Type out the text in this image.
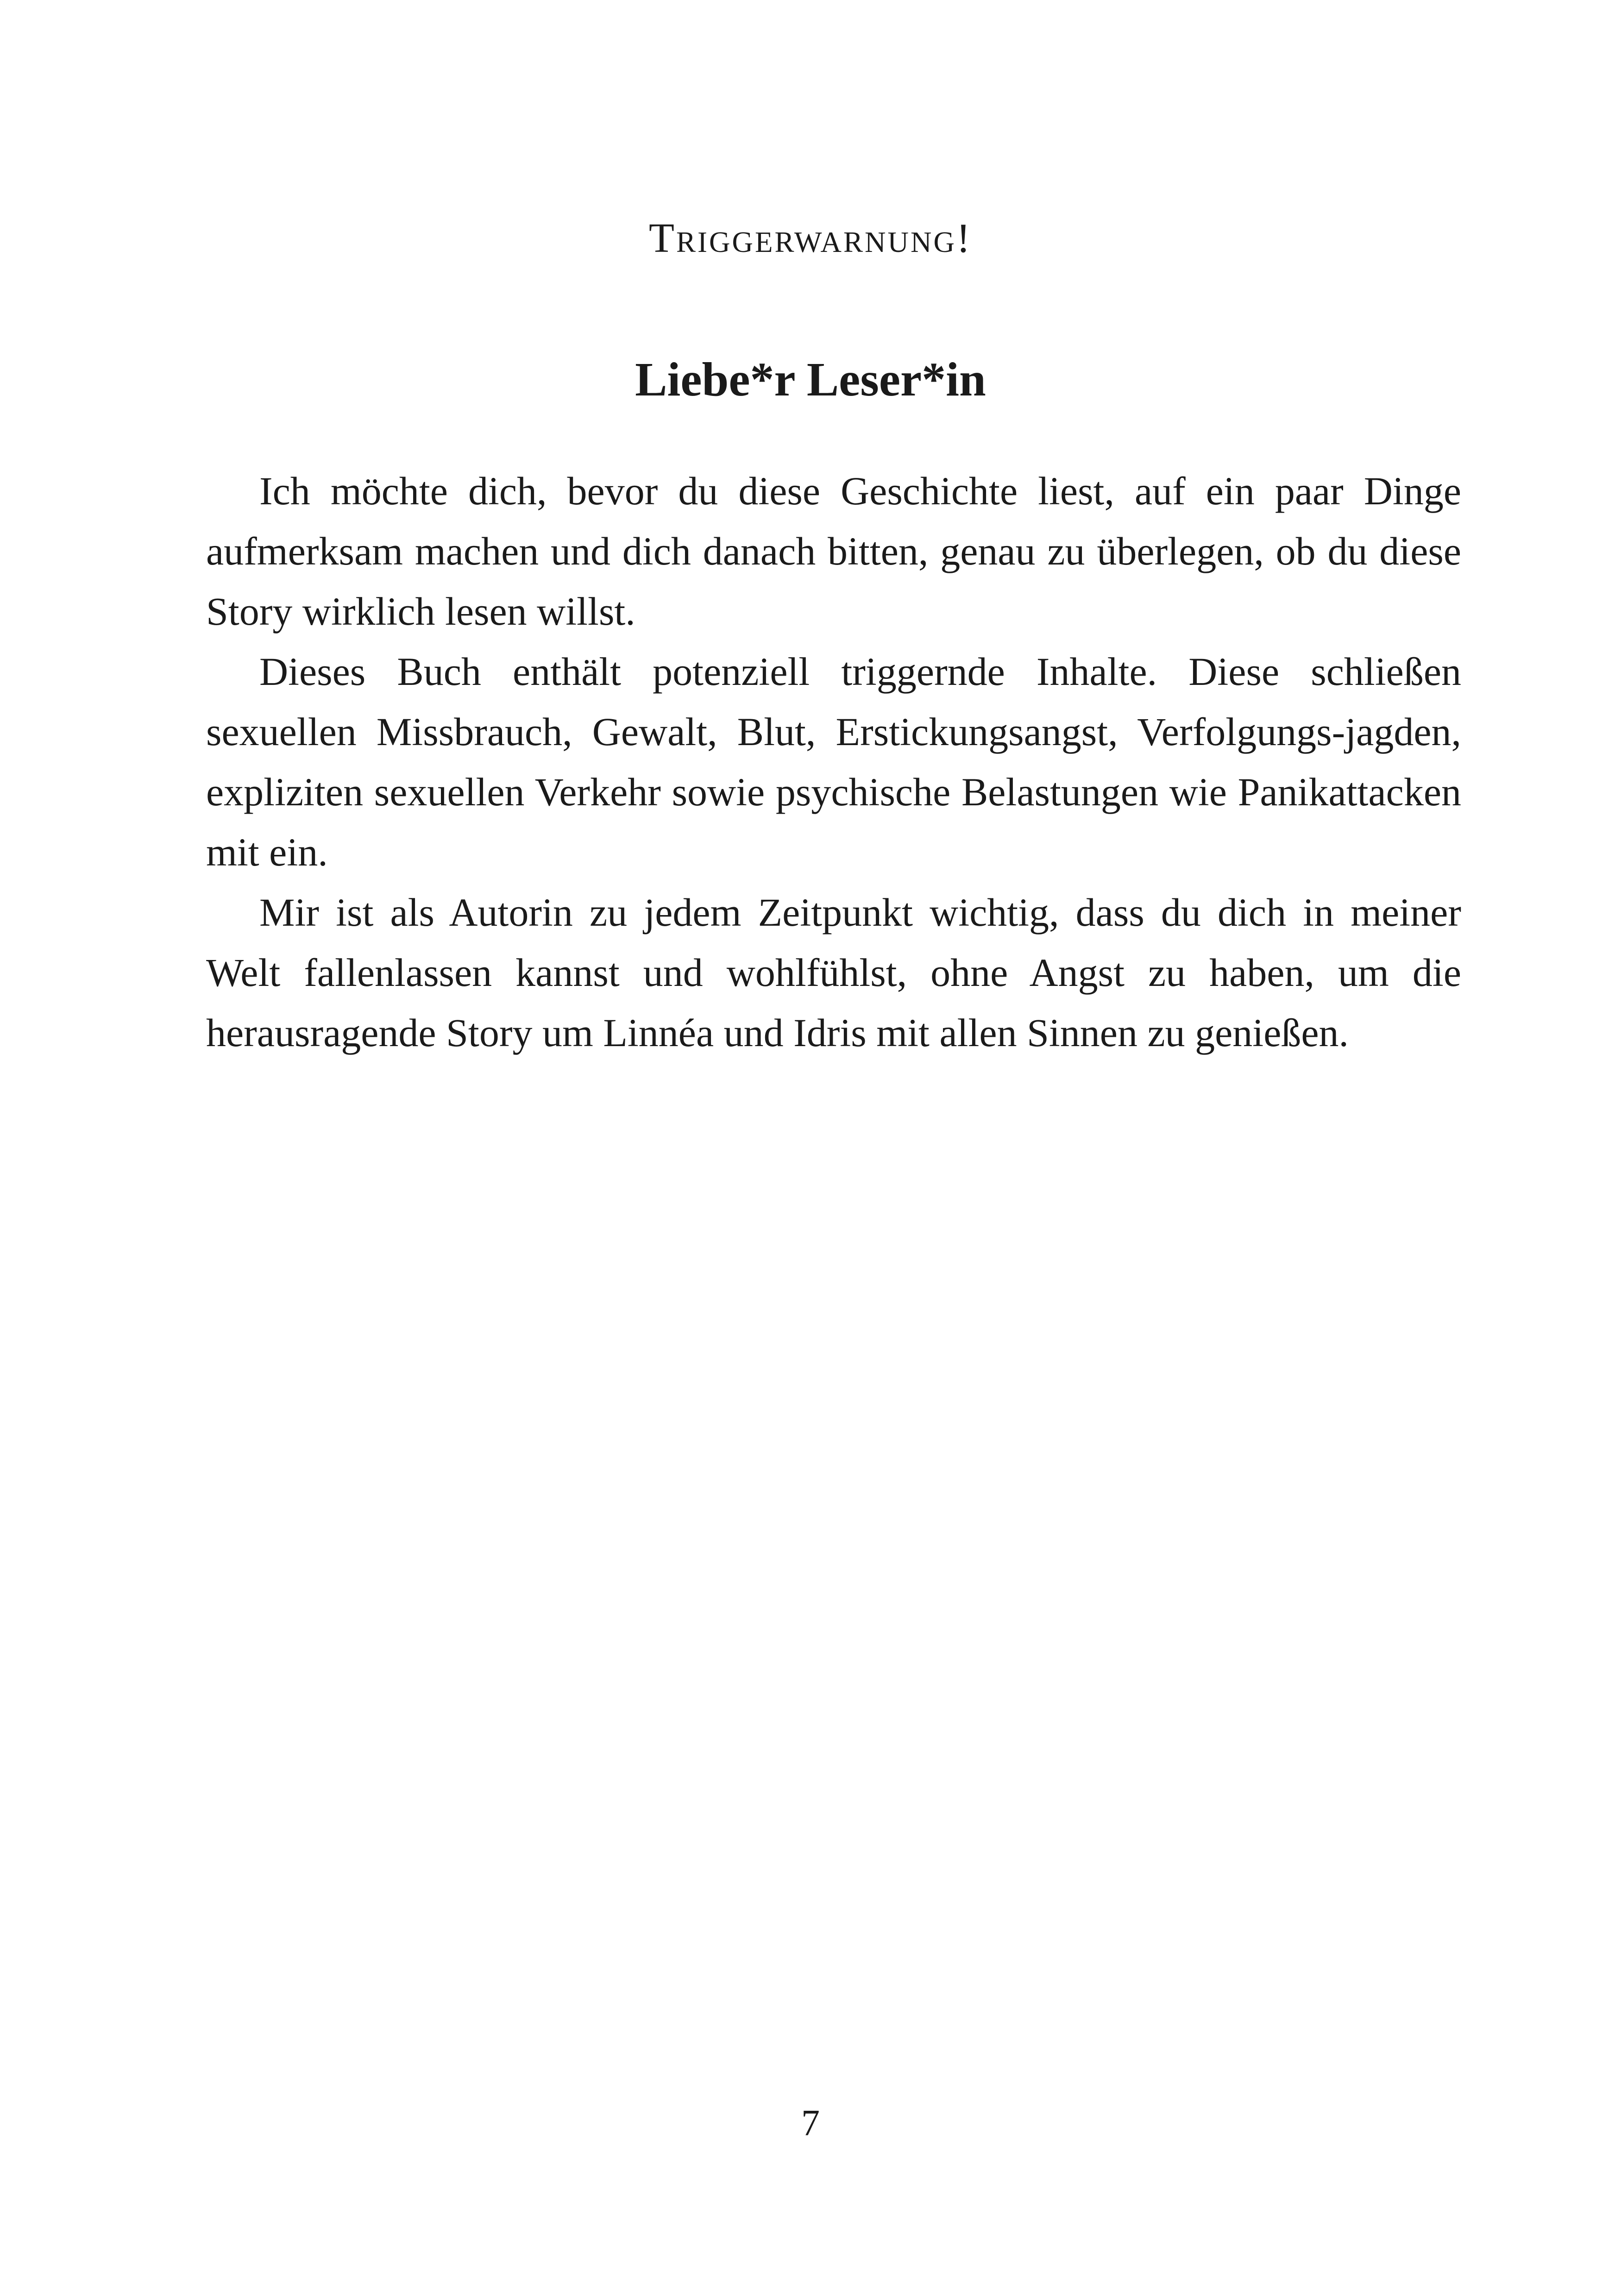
Triggerwarnung!
Liebe*r Leser*in

Ich möchte dich, bevor du diese Geschichte liest, auf ein paar Dinge aufmerksam machen und dich danach bitten, genau zu überlegen, ob du diese Story wirklich lesen willst.

Dieses Buch enthält potenziell triggernde Inhalte. Diese schließen sexuellen Missbrauch, Gewalt, Blut, Erstickungsangst, Verfolgungs-jagden, expliziten sexuellen Verkehr sowie psychische Belastungen wie Panikattacken mit ein.

Mir ist als Autorin zu jedem Zeitpunkt wichtig, dass du dich in meiner Welt fallenlassen kannst und wohlfühlst, ohne Angst zu haben, um die herausragende Story um Linnéa und Idris mit allen Sinnen zu genießen.

7
